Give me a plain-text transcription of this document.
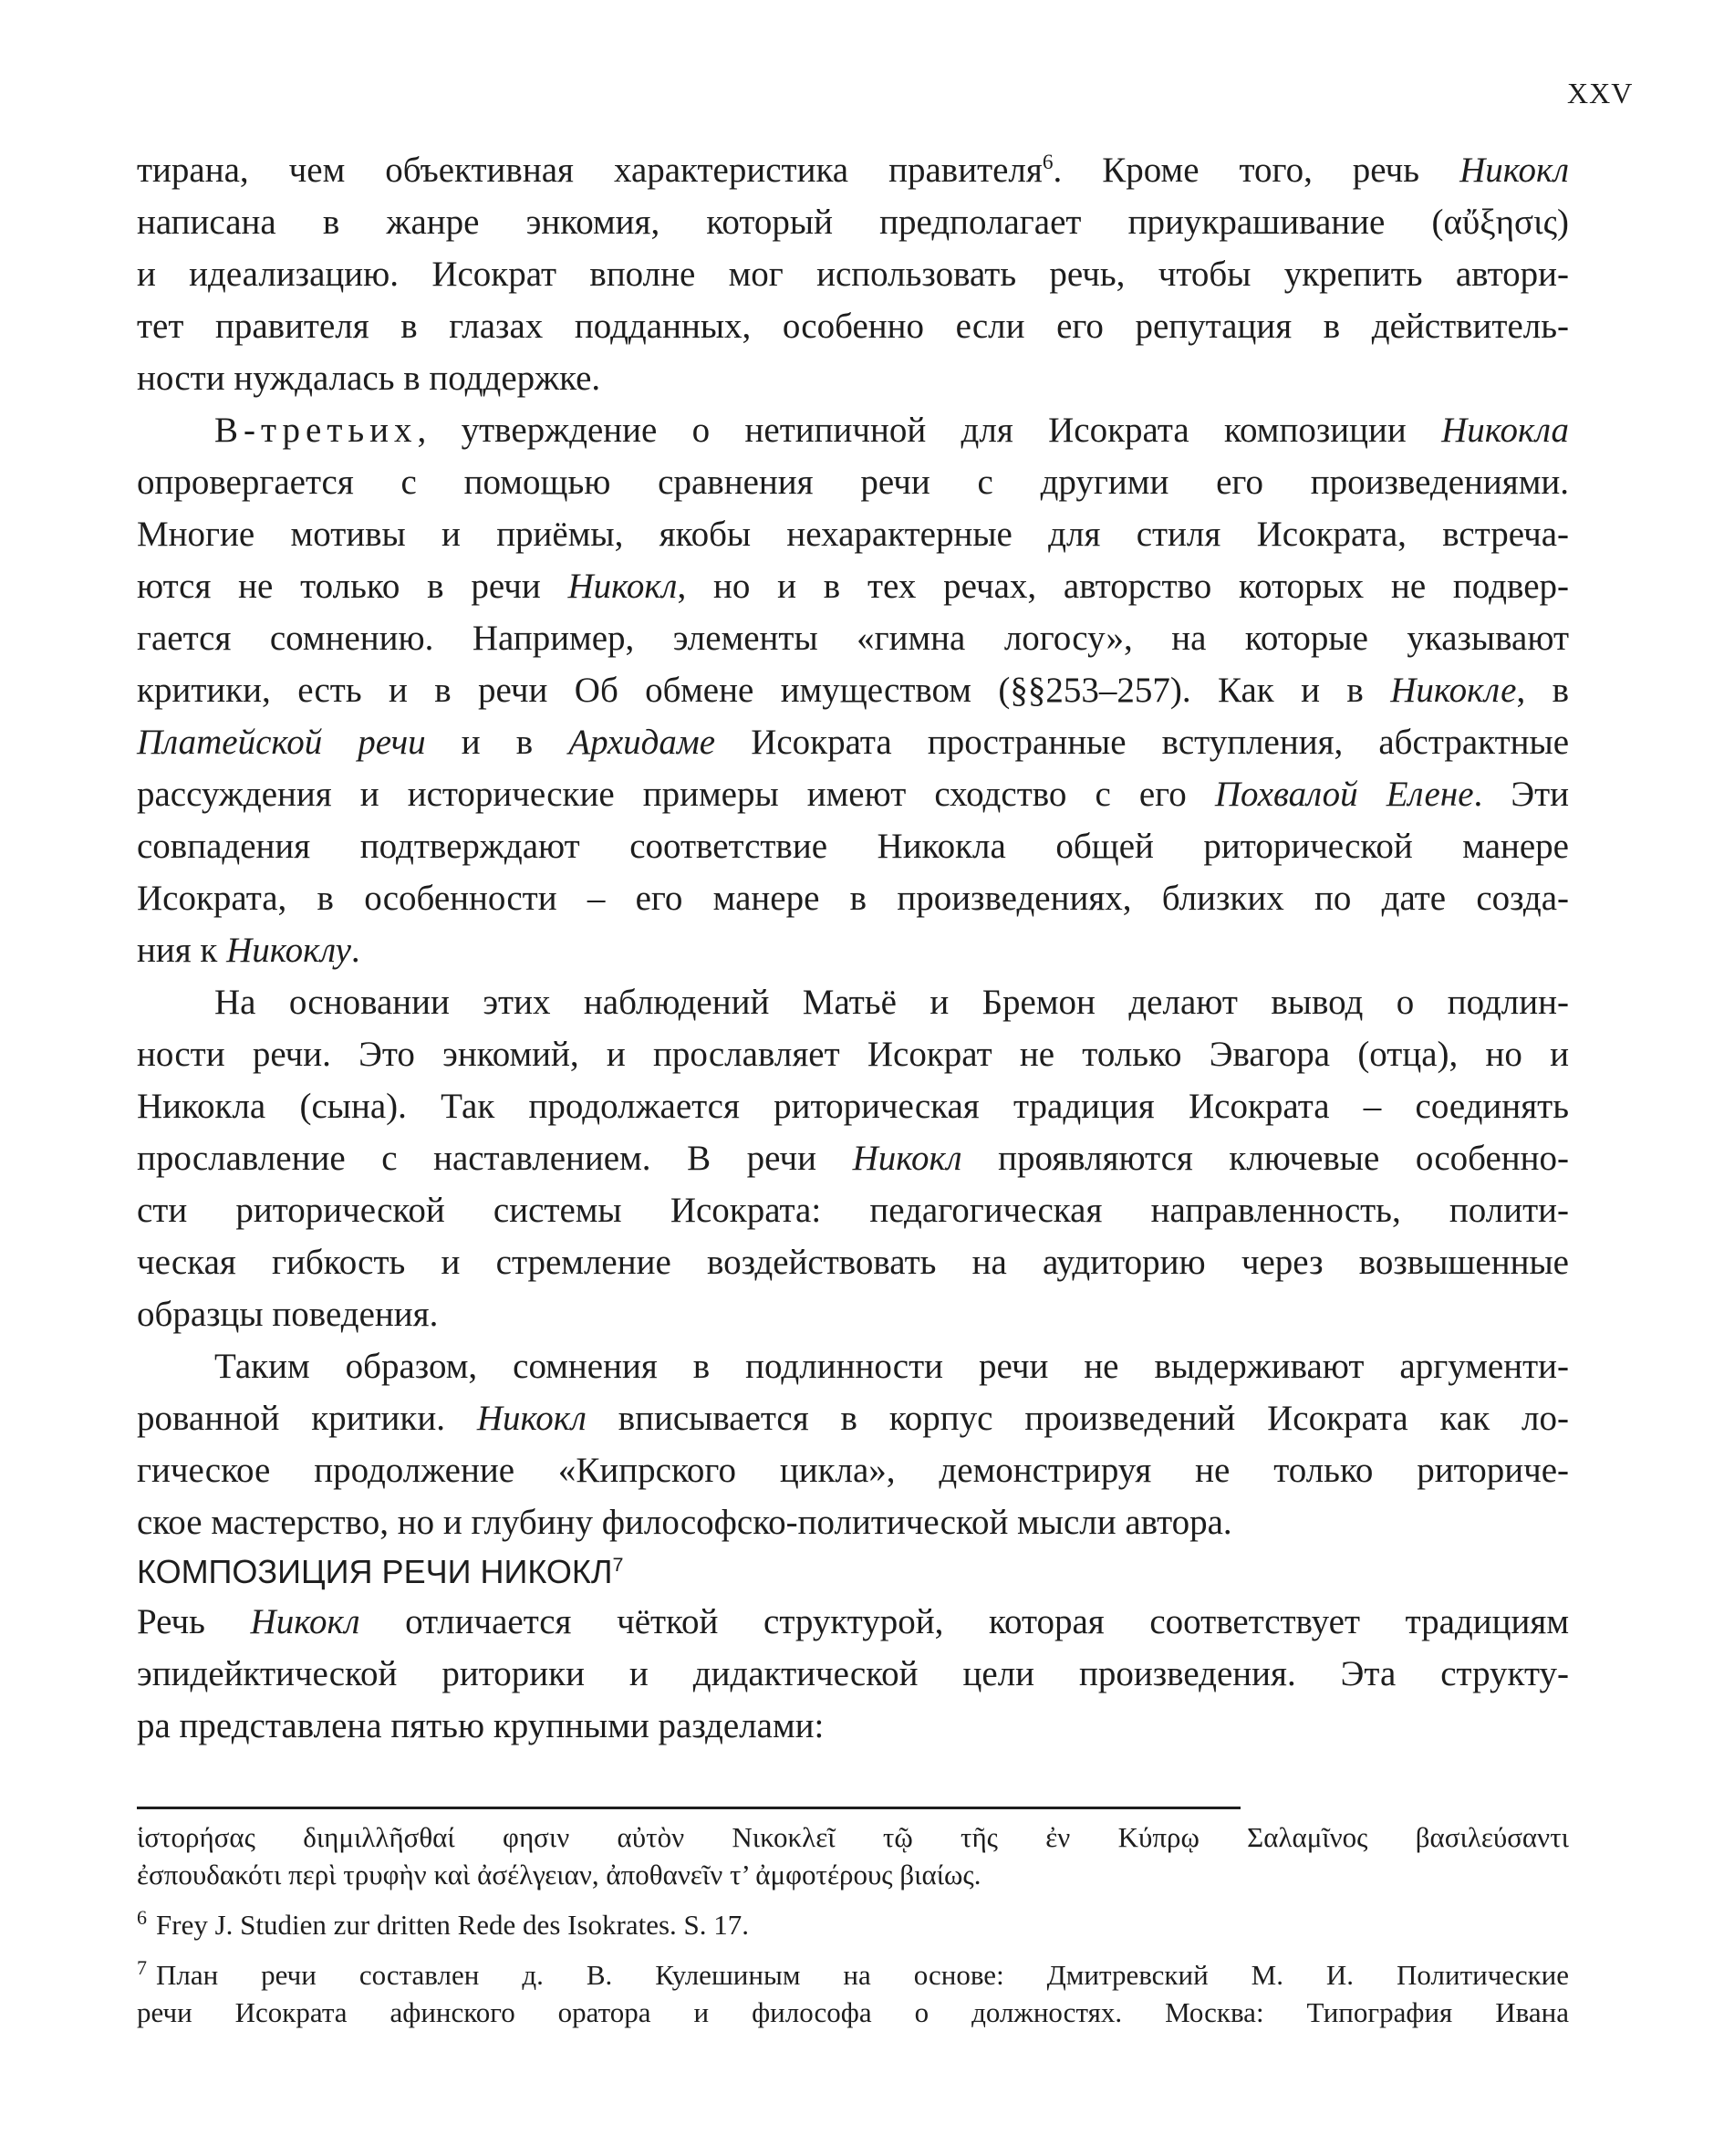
XXV
тирана, чем объективная характеристика правителя$^6$. Кроме того, речь Никокл
написана в жанре энкомия, который предполагает приукрашивание (αὔξησις)
и идеализацию. Исократ вполне мог использовать речь, чтобы укрепить автори-
тет правителя в глазах подданных, особенно если его репутация в действитель-
ности нуждалась в поддержке.
В-третьих, утверждение о нетипичной для Исократа композиции Никокла
опровергается с помощью сравнения речи с другими его произведениями.
Многие мотивы и приёмы, якобы нехарактерные для стиля Исократа, встреча-
ются не только в речи Никокл, но и в тех речах, авторство которых не подвер-
гается сомнению. Например, элементы «гимна логосу», на которые указывают
критики, есть и в речи Об обмене имуществом (§§253–257). Как и в Никокле, в
Платейской речи и в Архидаме Исократа пространные вступления, абстрактные
рассуждения и исторические примеры имеют сходство с его Похвалой Елене. Эти
совпадения подтверждают соответствие Никокла общей риторической манере
Исократа, в особенности – его манере в произведениях, близких по дате созда-
ния к Никоклу.
На основании этих наблюдений Матьё и Бремон делают вывод о подлин-
ности речи. Это энкомий, и прославляет Исократ не только Эвагора (отца), но и
Никокла (сына). Так продолжается риторическая традиция Исократа – соединять
прославление с наставлением. В речи Никокл проявляются ключевые особенно-
сти риторической системы Исократа: педагогическая направленность, полити-
ческая гибкость и стремление воздействовать на аудиторию через возвышенные
образцы поведения.
Таким образом, сомнения в подлинности речи не выдерживают аргументи-
рованной критики. Никокл вписывается в корпус произведений Исократа как ло-
гическое продолжение «Кипрского цикла», демонстрируя не только риториче-
ское мастерство, но и глубину философско-политической мысли автора.
КОМПОЗИЦИЯ РЕЧИ НИКОКЛ$^7$
Речь Никокл отличается чёткой структурой, которая соответствует традициям
эпидейктической риторики и дидактической цели произведения. Эта структу-
ра представлена пятью крупными разделами:
ἱστορήσας διημιλλῆσθαί φησιν αὐτὸν Νικοκλεῖ τῷ τῆς ἐν Κύπρῳ Σαλαμῖνος βασιλεύσαντι
ἐσπουδακότι περὶ τρυφὴν καὶ ἀσέλγειαν, ἀποθανεῖν τ’ ἀμφοτέρους βιαίως.
$^6$ Frey J. Studien zur dritten Rede des Isokrates. S. 17.
$^7$ План речи составлен д. В. Кулешиным на основе: Дмитревский М. И. Политические
речи Исократа афинского оратора и философа о должностях. Москва: Типография Ивана
